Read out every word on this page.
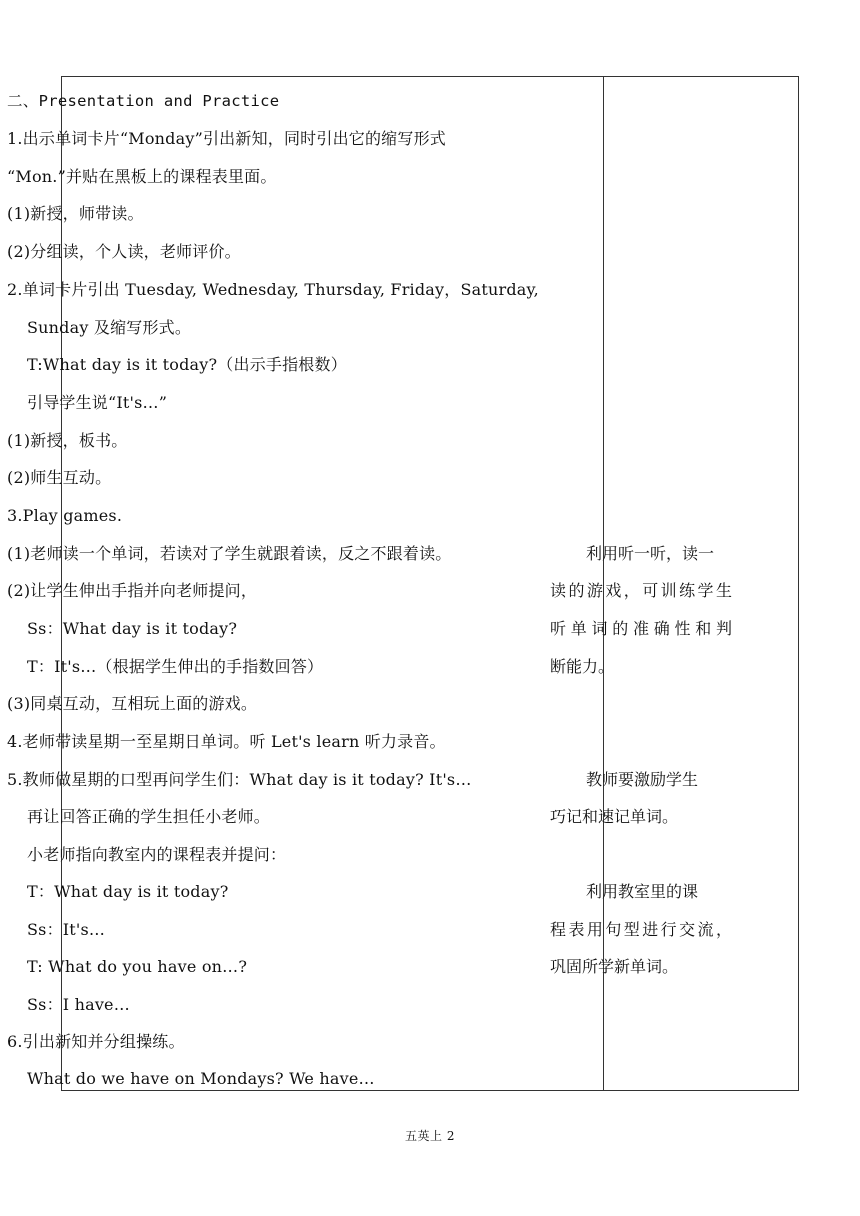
二、Presentation and Practice
1.出示单词卡片“Monday”引出新知，同时引出它的缩写形式
“Mon.”并贴在黑板上的课程表里面。
(1)新授，师带读。
(2)分组读，个人读，老师评价。
2.单词卡片引出 Tuesday, Wednesday, Thursday, Friday，Saturday,
Sunday 及缩写形式。
T:What day is it today?（出示手指根数）
引导学生说“It's…”
(1)新授，板书。
(2)师生互动。
3.Play games.
(1)老师读一个单词，若读对了学生就跟着读，反之不跟着读。
(2)让学生伸出手指并向老师提问，
Ss：What day is it today?
T：It's…（根据学生伸出的手指数回答）
(3)同桌互动，互相玩上面的游戏。
4.老师带读星期一至星期日单词。听 Let's learn 听力录音。
5.教师做星期的口型再问学生们：What day is it today? It's…
再让回答正确的学生担任小老师。
小老师指向教室内的课程表并提问：
T：What day is it today?
Ss：It's…
T: What do you have on…?
Ss：I have…
6.引出新知并分组操练。
What do we have on Mondays? We have…
利用听一听，读一
读的游戏，可训练学生
听单词的准确性和判
断能力。
教师要激励学生
巧记和速记单词。
利用教室里的课
程表用句型进行交流，
巩固所学新单词。
五英上 2
